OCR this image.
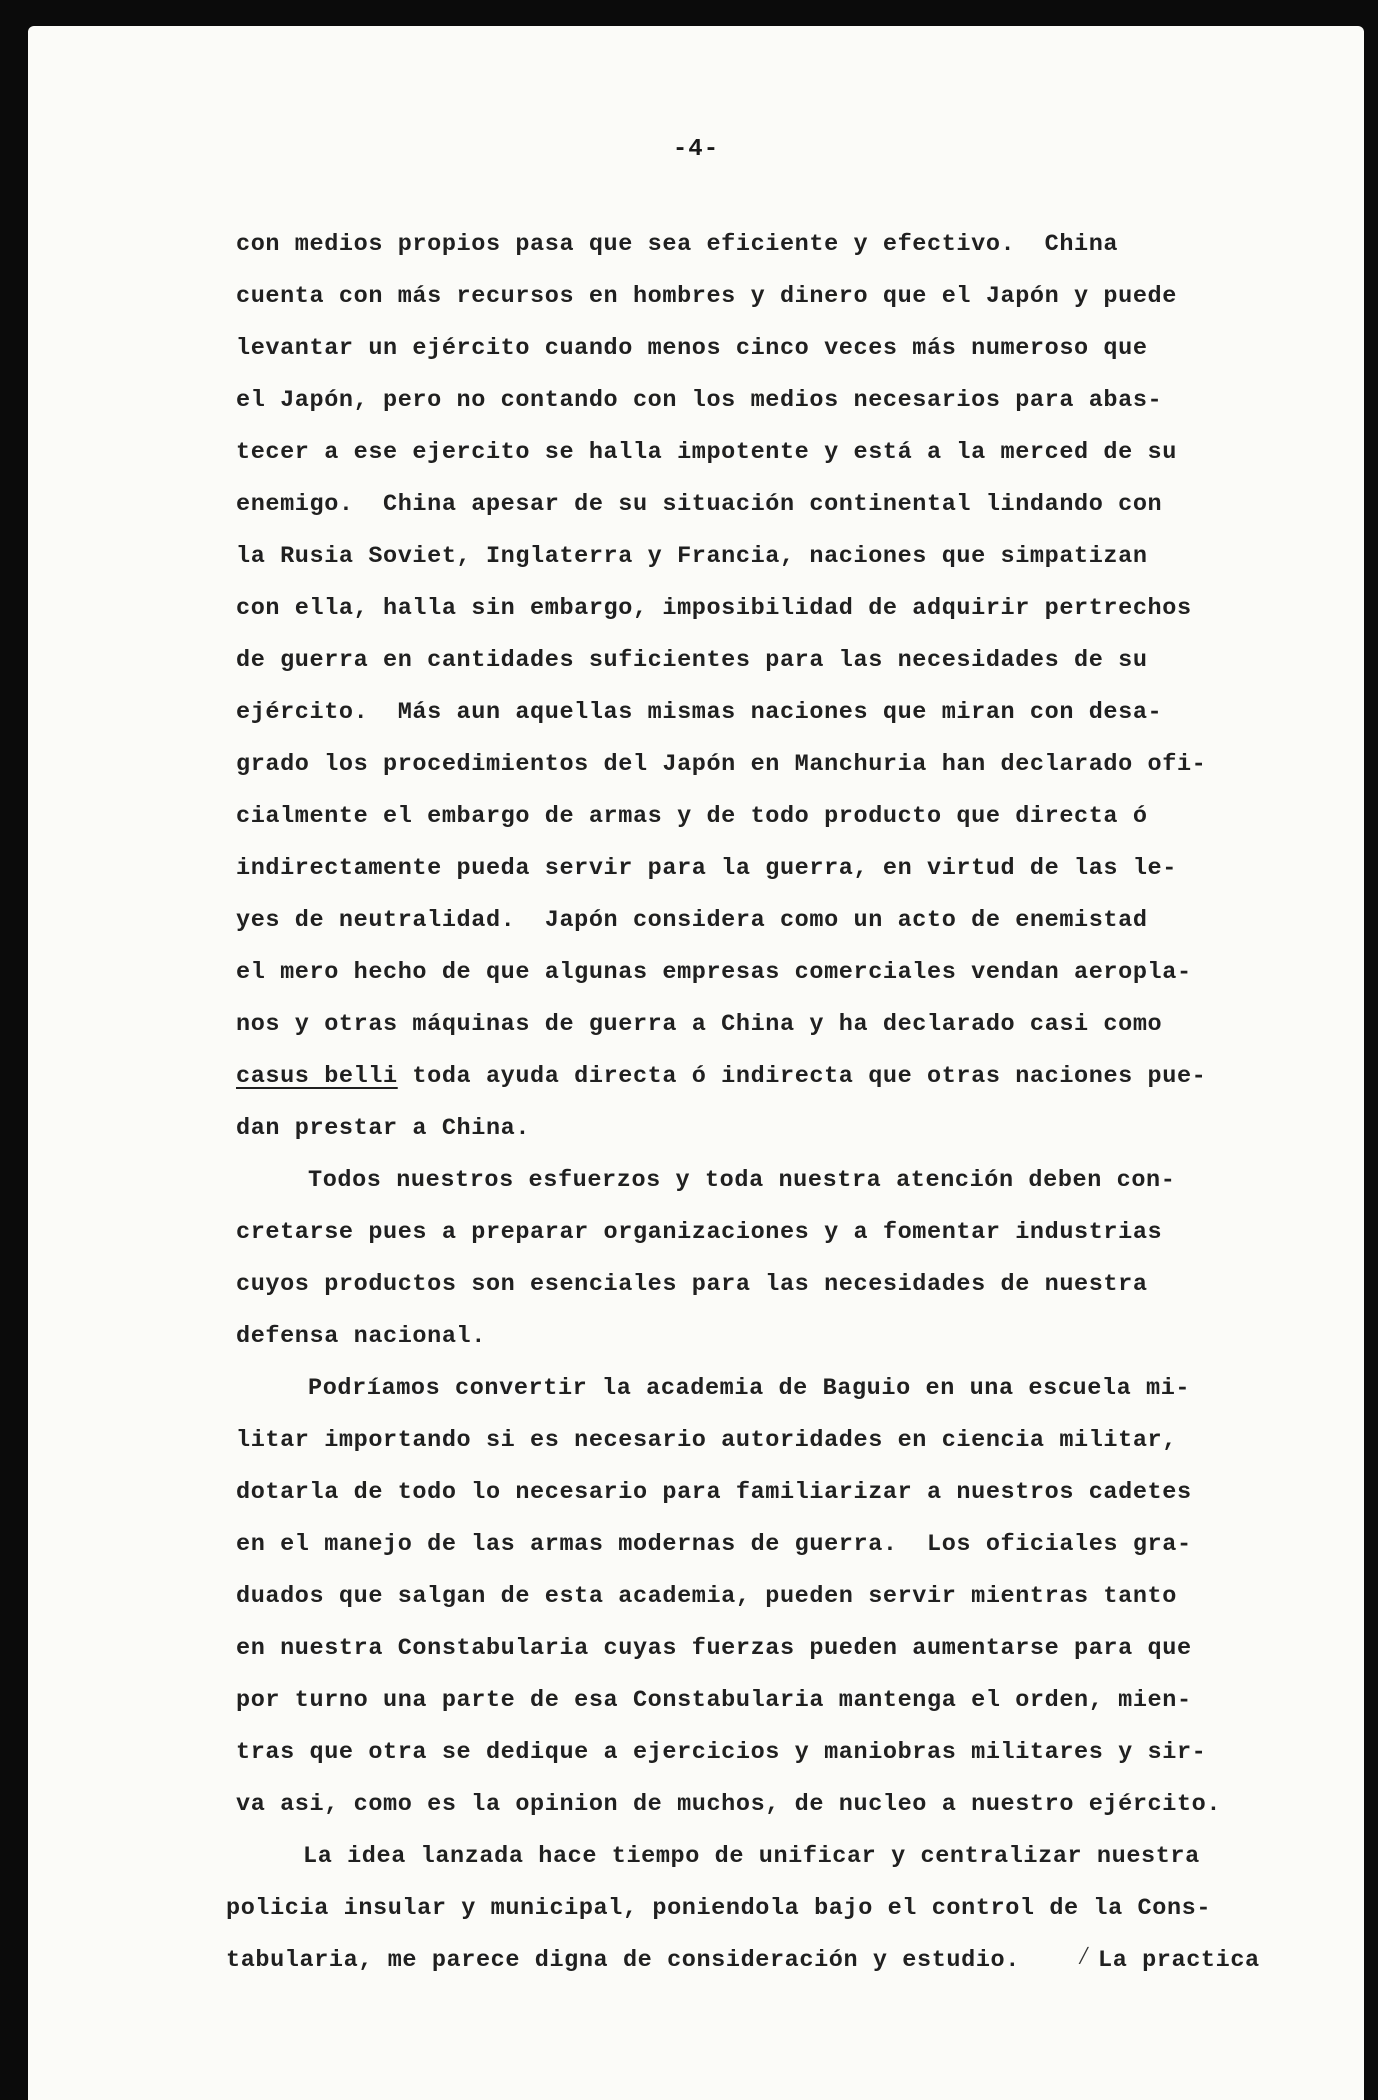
-4-
con medios propios pasa que sea eficiente y efectivo.  China
cuenta con más recursos en hombres y dinero que el Japón y puede
levantar un ejército cuando menos cinco veces más numeroso que
el Japón, pero no contando con los medios necesarios para abas-
tecer a ese ejercito se halla impotente y está a la merced de su
enemigo.  China apesar de su situación continental lindando con
la Rusia Soviet, Inglaterra y Francia, naciones que simpatizan
con ella, halla sin embargo, imposibilidad de adquirir pertrechos
de guerra en cantidades suficientes para las necesidades de su
ejército.  Más aun aquellas mismas naciones que miran con desa-
grado los procedimientos del Japón en Manchuria han declarado ofi-
cialmente el embargo de armas y de todo producto que directa ó
indirectamente pueda servir para la guerra, en virtud de las le-
yes de neutralidad.  Japón considera como un acto de enemistad
el mero hecho de que algunas empresas comerciales vendan aeropla-
nos y otras máquinas de guerra a China y ha declarado casi como
casus belli toda ayuda directa ó indirecta que otras naciones pue-
dan prestar a China.
Todos nuestros esfuerzos y toda nuestra atención deben con-
cretarse pues a preparar organizaciones y a fomentar industrias
cuyos productos son esenciales para las necesidades de nuestra
defensa nacional.
Podríamos convertir la academia de Baguio en una escuela mi-
litar importando si es necesario autoridades en ciencia militar,
dotarla de todo lo necesario para familiarizar a nuestros cadetes
en el manejo de las armas modernas de guerra.  Los oficiales gra-
duados que salgan de esta academia, pueden servir mientras tanto
en nuestra Constabularia cuyas fuerzas pueden aumentarse para que
por turno una parte de esa Constabularia mantenga el orden, mien-
tras que otra se dedique a ejercicios y maniobras militares y sir-
va asi, como es la opinion de muchos, de nucleo a nuestro ejército.
La idea lanzada hace tiempo de unificar y centralizar nuestra
policia insular y municipal, poniendola bajo el control de la Cons-
tabularia, me parece digna de consideración y estudio. ∕ La practica
